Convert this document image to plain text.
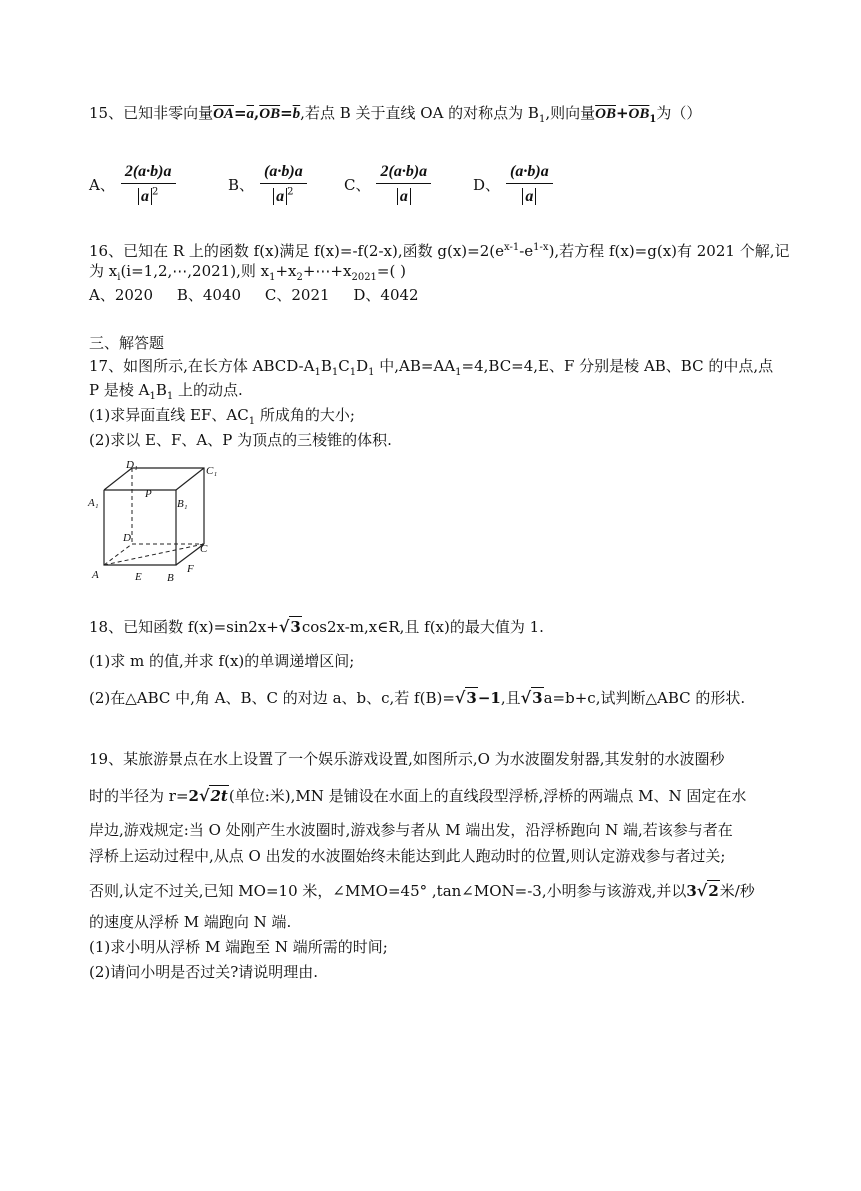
15、已知非零向量$\overline{OA}=\overline{a},\overline{OB}=\overline{b}$,若点 B 关于直线 OA 的对称点为 $B_1$,则向量$\overline{OB}+\overline{OB}_1$为（）
A、 $\frac{2(a\cdot b)a}{a ^2}$	B、 $\frac{(a\cdot b)a}{a ^2}$ C、 $\frac{2(a\cdot b)a}{a}$	D、 $\frac{(a\cdot b)a}{a}$
16、已知在 R 上的函数 f(x)满足 f(x)=-f(2-x),函数 $g(x)=2(e^{x-1}-e^{1-x})$,若方程 f(x)=g(x)有 2021 个解,记
为 $x_i(i=1,2,\cdots,2021)$,则 $x_1+x_2+\cdots+x_{2021}=$( )
A、2020     B、4040     C、2021     D、4042
三、解答题
17、如图所示,在长方体 ABCD-$A_1B_1C_1D_1$ 中$,AB=AA_1=4,BC=4,E$、F 分别是棱 AB、BC 的中点,点
P 是棱 $A_1B_1$ 上的动点.
(1)求异面直线 EF、$AC_1$ 所成角的大小;
(2)求以 E、F、A、P 为顶点的三棱锥的体积.
D₁	C₁
A₁
P
B₁
D
C
A	E B
F
18、已知函数 f(x)=sin2x+ √ 3 cos2x-m,x∈R,且 f(x)的最大值为 1.
(1)求 m 的值,并求 f(x)的单调递增区间;
(2)在△ABC 中,角 A、B、C 的对边 a、b、c,若 f(B)= √ 3 −1,且 √ 3 a=b+c,试判断△ABC 的形状.
19、某旅游景点在水上设置了一个娱乐游戏设置,如图所示,O 为水波圈发射器,其发射的水波圈秒
时的半径为 r=2 √ 2t (单位:米),MN 是铺设在水面上的直线段型浮桥,浮桥的两端点 M、N 固定在水
岸边,游戏规定:当 O 处刚产生水波圈时,游戏参与者从 M 端出发，沿浮桥跑向 N 端,若该参与者在
浮桥上运动过程中,从点 O 出发的水波圈始终未能达到此人跑动时的位置,则认定游戏参与者过关;
否则,认定不过关,已知 MO=10 米，∠MMO=45° ,tan∠MON=-3,小明参与该游戏,并以3 √ 2 米/秒
的速度从浮桥 M 端跑向 N 端.
(1)求小明从浮桥 M 端跑至 N 端所需的时间;
(2)请问小明是否过关?请说明理由.
